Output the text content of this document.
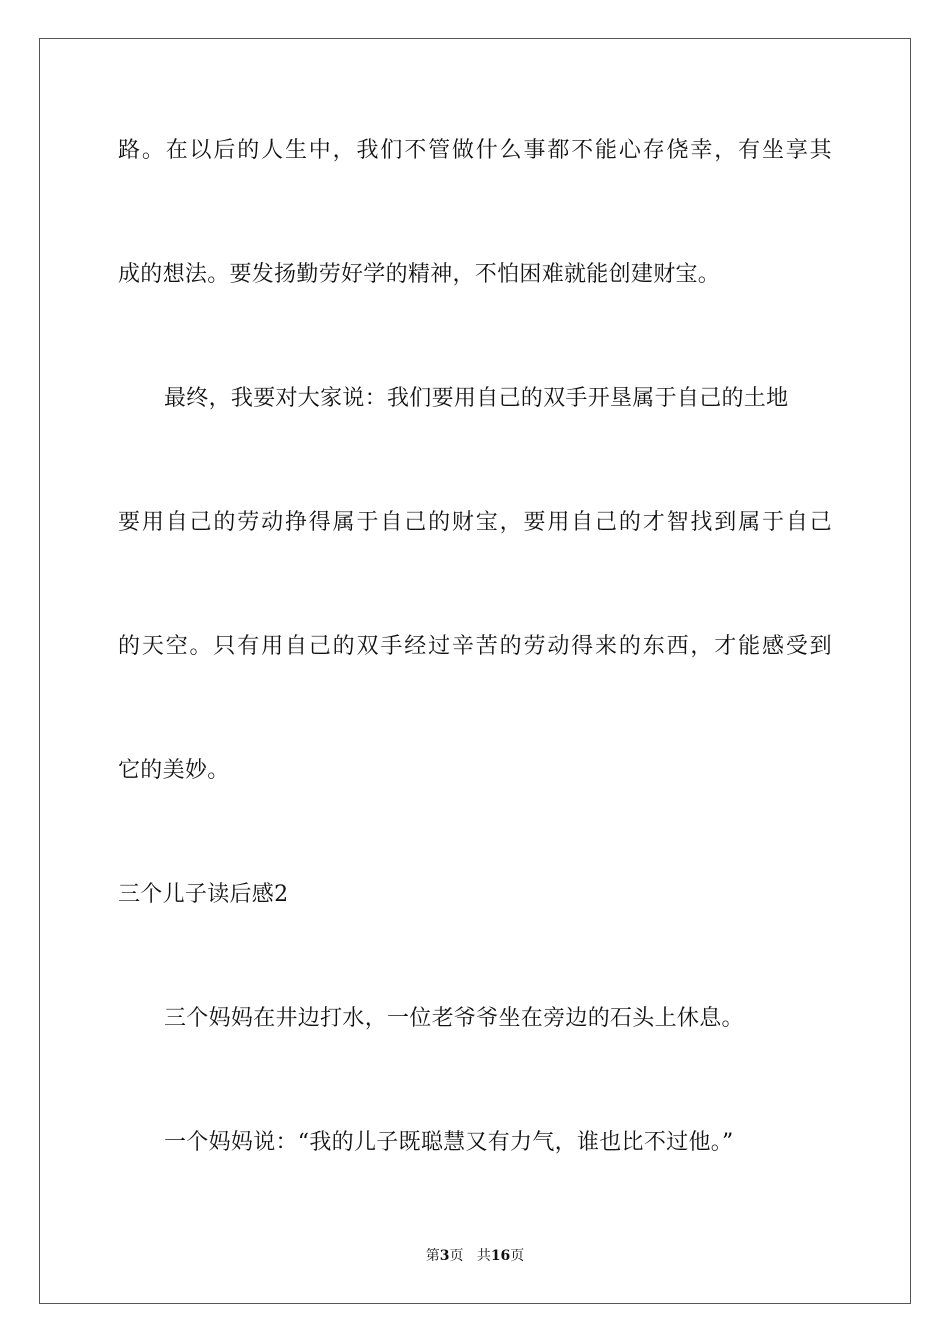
路。在以后的人生中，我们不管做什么事都不能心存侥幸，有坐享其
成的想法。要发扬勤劳好学的精神，不怕困难就能创建财宝。
最终，我要对大家说：我们要用自己的双手开垦属于自己的土地
要用自己的劳动挣得属于自己的财宝，要用自己的才智找到属于自己
的天空。只有用自己的双手经过辛苦的劳动得来的东西，才能感受到
它的美妙。
三个儿子读后感2
三个妈妈在井边打水，一位老爷爷坐在旁边的石头上休息。
一个妈妈说：“我的儿子既聪慧又有力气，谁也比不过他。”
第3页 共16页
